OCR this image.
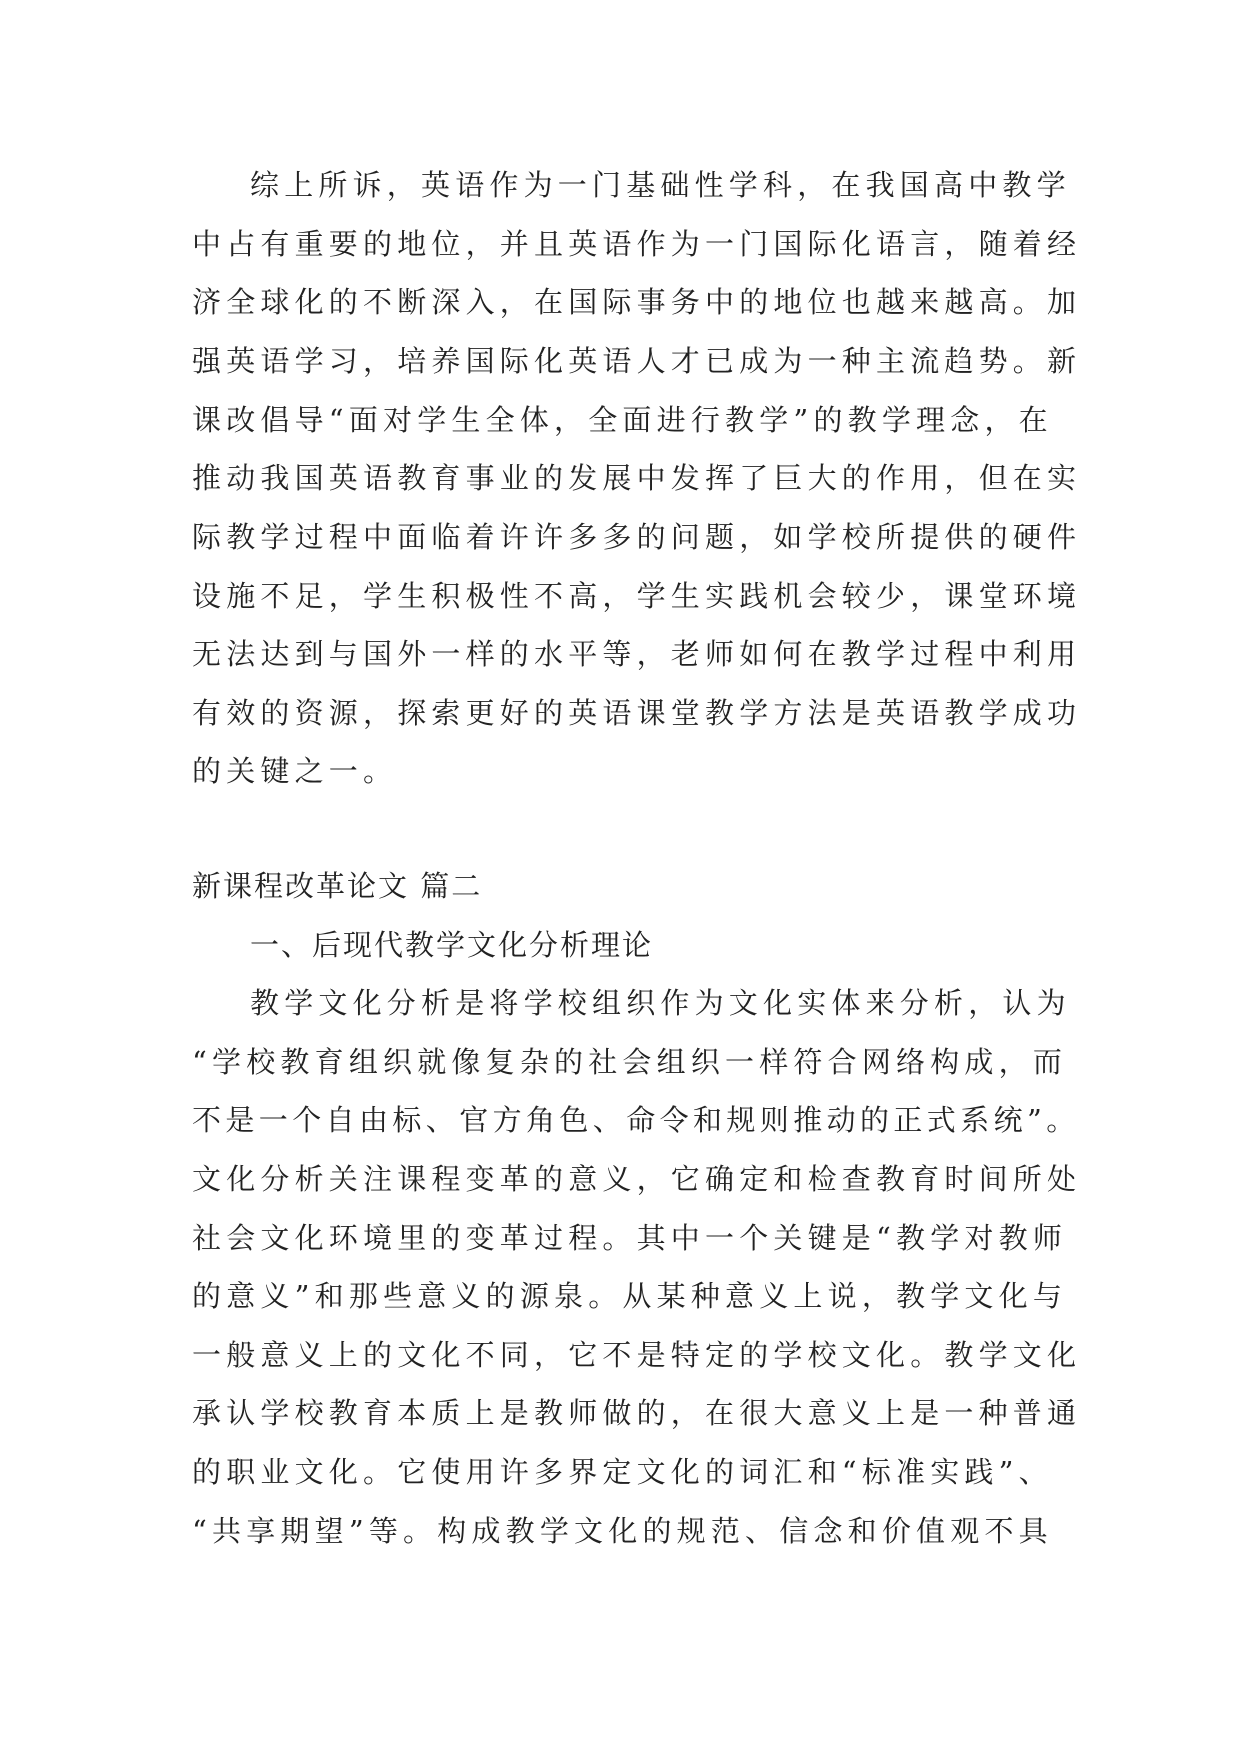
综上所诉，英语作为一门基础性学科，在我国高中教学
中占有重要的地位，并且英语作为一门国际化语言，随着经
济全球化的不断深入，在国际事务中的地位也越来越高。加
强英语学习，培养国际化英语人才已成为一种主流趋势。新
课改倡导“面对学生全体，全面进行教学”的教学理念，在
推动我国英语教育事业的发展中发挥了巨大的作用，但在实
际教学过程中面临着许许多多的问题，如学校所提供的硬件
设施不足，学生积极性不高，学生实践机会较少，课堂环境
无法达到与国外一样的水平等，老师如何在教学过程中利用
有效的资源，探索更好的英语课堂教学方法是英语教学成功
的关键之一。
新课程改革论文 篇二
一、后现代教学文化分析理论
教学文化分析是将学校组织作为文化实体来分析，认为
“学校教育组织就像复杂的社会组织一样符合网络构成，而
不是一个自由标、官方角色、命令和规则推动的正式系统”。
文化分析关注课程变革的意义，它确定和检查教育时间所处
社会文化环境里的变革过程。其中一个关键是“教学对教师
的意义”和那些意义的源泉。从某种意义上说，教学文化与
一般意义上的文化不同，它不是特定的学校文化。教学文化
承认学校教育本质上是教师做的，在很大意义上是一种普通
的职业文化。它使用许多界定文化的词汇和“标准实践”、
“共享期望”等。构成教学文化的规范、信念和价值观不具
